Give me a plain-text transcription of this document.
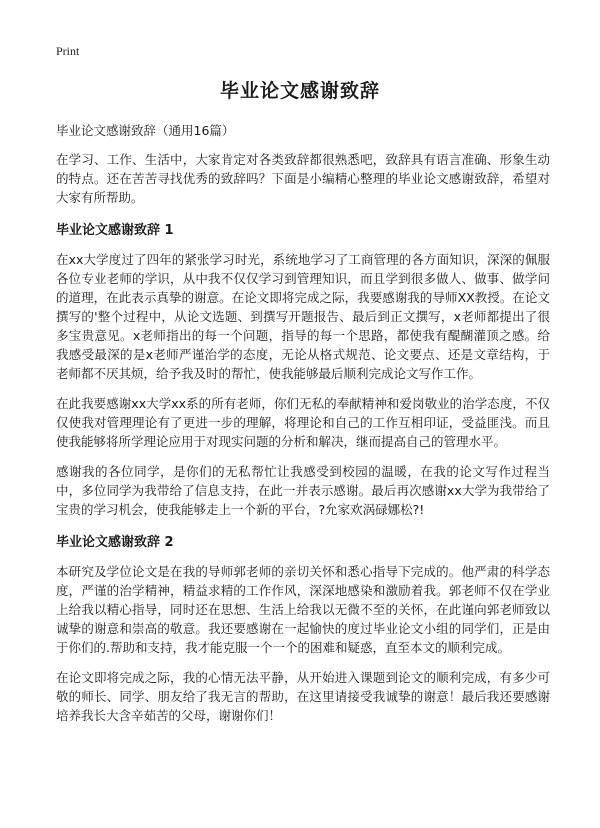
Print
毕业论文感谢致辞
毕业论文感谢致辞（通用16篇）

在学习、工作、生活中，大家肯定对各类致辞都很熟悉吧，致辞具有语言准确、形象生动的特点。还在苦苦寻找优秀的致辞吗？下面是小编精心整理的毕业论文感谢致辞，希望对大家有所帮助。

毕业论文感谢致辞 1

在xx大学度过了四年的紧张学习时光，系统地学习了工商管理的各方面知识，深深的佩服各位专业老师的学识，从中我不仅仅学习到管理知识，而且学到很多做人、做事、做学问的道理，在此表示真挚的谢意。在论文即将完成之际，我要感谢我的导师XX教授。在论文撰写的'整个过程中，从论文选题、到撰写开题报告、最后到正文撰写，x老师都提出了很多宝贵意见。x老师指出的每一个问题，指导的每一个思路，都使我有醍醐灌顶之感。给我感受最深的是x老师严谨治学的态度，无论从格式规范、论文要点、还是文章结构，于老师都不厌其烦，给予我及时的帮忙，使我能够最后顺利完成论文写作工作。

在此我要感谢xx大学xx系的所有老师，你们无私的奉献精神和爱岗敬业的治学态度，不仅仅使我对管理理论有了更进一步的理解，将理论和自己的工作互相印证，受益匪浅。而且使我能够将所学理论应用于对现实问题的分析和解决，继而提高自己的管理水平。

感谢我的各位同学，是你们的无私帮忙让我感受到校园的温暖，在我的论文写作过程当中，多位同学为我带给了信息支持，在此一并表示感谢。最后再次感谢xx大学为我带给了宝贵的学习机会，使我能够走上一个新的平台，?允家欢涡碌娜松?!

毕业论文感谢致辞 2

本研究及学位论文是在我的导师郭老师的亲切关怀和悉心指导下完成的。他严肃的科学态度，严谨的治学精神，精益求精的工作作风，深深地感染和激励着我。郭老师不仅在学业上给我以精心指导，同时还在思想、生活上给我以无微不至的关怀，在此谨向郭老师致以诚挚的谢意和崇高的敬意。我还要感谢在一起愉快的度过毕业论文小组的同学们，正是由于你们的.帮助和支持，我才能克服一个一个的困难和疑惑，直至本文的顺利完成。

在论文即将完成之际，我的心情无法平静，从开始进入课题到论文的顺利完成，有多少可敬的师长、同学、朋友给了我无言的帮助，在这里请接受我诚挚的谢意！最后我还要感谢培养我长大含辛茹苦的父母，谢谢你们！
